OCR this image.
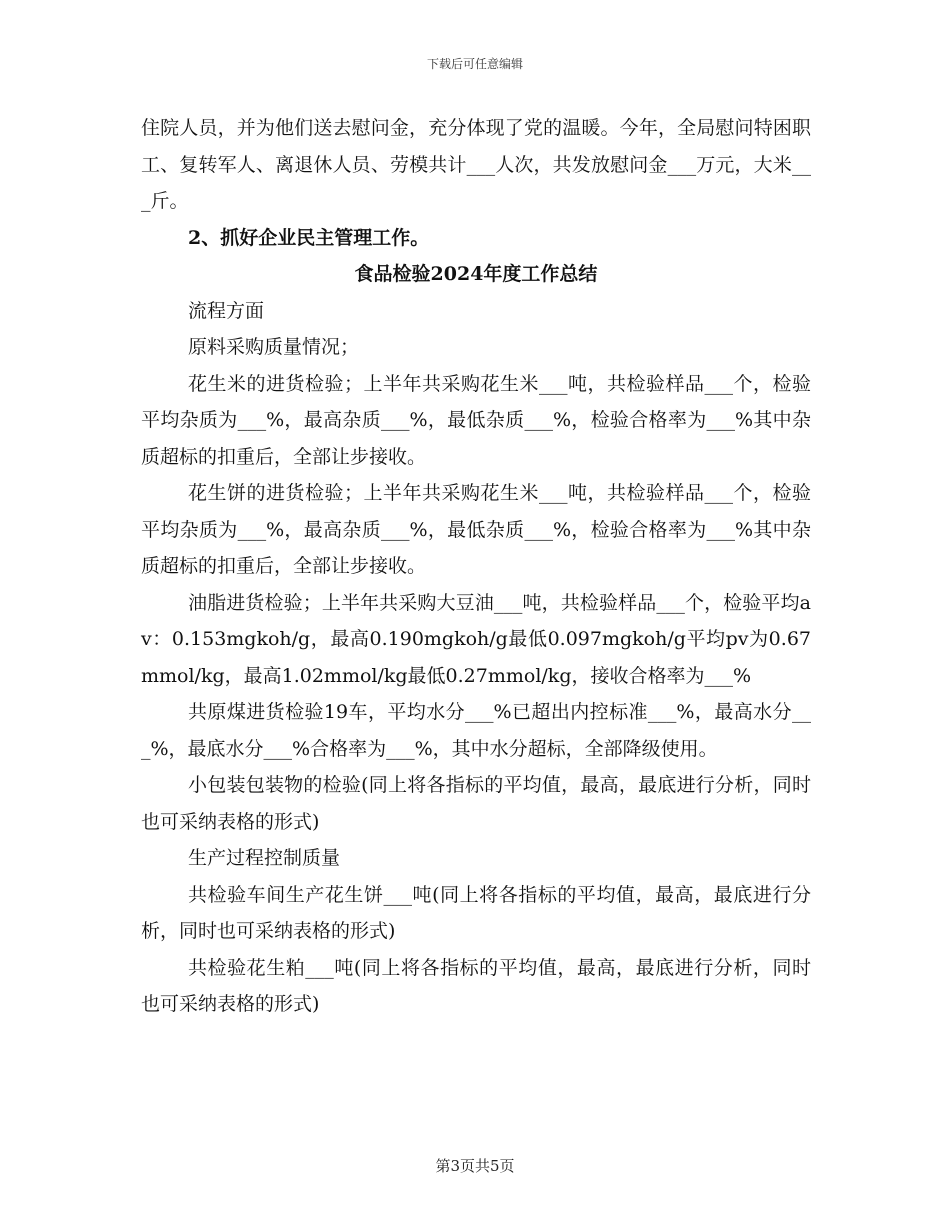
下载后可任意编辑

住院人员，并为他们送去慰问金，充分体现了党的温暖。今年，全局慰问特困职工、复转军人、离退休人员、劳模共计___人次，共发放慰问金___万元，大米___斤。

2、抓好企业民主管理工作。

食品检验2024年度工作总结

流程方面

原料采购质量情况；

花生米的进货检验；上半年共采购花生米___吨，共检验样品___个，检验平均杂质为___%，最高杂质___%，最低杂质___%，检验合格率为___%其中杂质超标的扣重后，全部让步接收。

花生饼的进货检验；上半年共采购花生米___吨，共检验样品___个，检验平均杂质为___%，最高杂质___%，最低杂质___%，检验合格率为___%其中杂质超标的扣重后，全部让步接收。

油脂进货检验；上半年共采购大豆油___吨，共检验样品___个，检验平均av：0.153mgkoh/g，最高0.190mgkoh/g最低0.097mgkoh/g平均pv为0.67mmol/kg，最高1.02mmol/kg最低0.27mmol/kg，接收合格率为___%

共原煤进货检验19车，平均水分___%已超出内控标准___%，最高水分___%，最底水分___%合格率为___%，其中水分超标，全部降级使用。

小包装包装物的检验(同上将各指标的平均值，最高，最底进行分析，同时也可采纳表格的形式)

生产过程控制质量

共检验车间生产花生饼___吨(同上将各指标的平均值，最高，最底进行分析，同时也可采纳表格的形式)

共检验花生粕___吨(同上将各指标的平均值，最高，最底进行分析，同时也可采纳表格的形式)

第3页共5页
